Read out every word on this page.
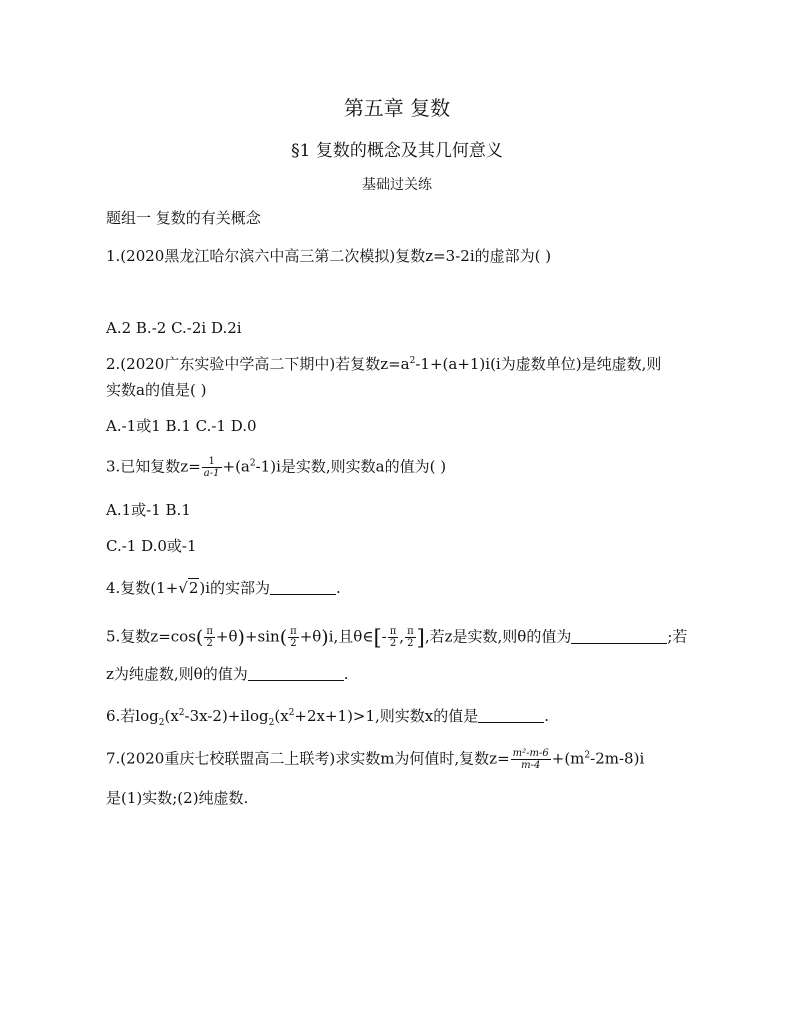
第五章 复数
§1 复数的概念及其几何意义
基础过关练
题组一 复数的有关概念
1.(2020黑龙江哈尔滨六中高三第二次模拟)复数z=3-2i的虚部为( )
A.2 B.-2 C.-2i D.2i
2.(2020广东实验中学高二下期中)若复数$z=a^2-1+(a+1)i(i$为虚数单位)是纯虚数,则
实数a的值是( )
A.-1或1 B.1 C.-1 D.0
3.已知复数$z= \frac{1}{a-1} +(a^2-1)i$是实数,则实数a的值为( )
A.1或-1 B.1
C.-1 D.0或-1
4.复数(1+√2)i的实部为	.
5.复数$z=\cos( \frac{\pi}{2} +\theta)+\sin( \frac{\pi}{2} +\theta)i$,且θ∈[- $\frac{\pi}{2}$ , $\frac{\pi}{2}$ ],若z是实数,则θ的值为	;若
z为纯虚数,则θ的值为	.
6.若$\log_2(x^2-3x-2)+ilog_2(x^2+2x+1)>1$,则实数x的值是	.
7.(2020重庆七校联盟高二上联考)求实数m为何值时,复数$z= \frac{\text{m²-m-6}}{m-4} +(m^2-2m-8)i$
是(1)实数;(2)纯虚数.
